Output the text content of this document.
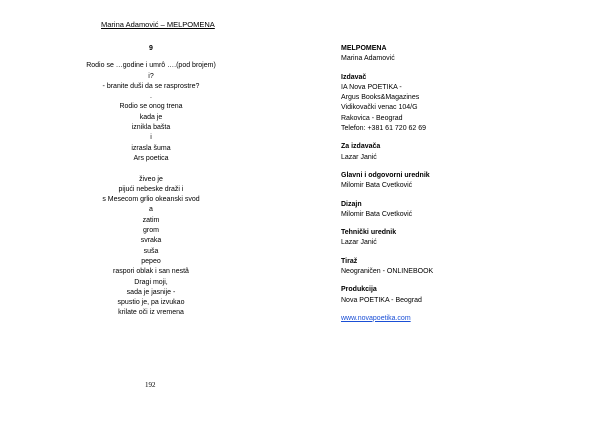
Marina Adamović – MELPOMENA
9
Rodio se …godine i umrô ….(pod brojem)
i?
- branite duši da se rasprostre?
.
Rodio se onog trena
kada je
iznikla bašta
i
izrasla šuma
Ars poetica

živeo je
pijući nebeske draži i
s Mesecom grlio okeanski svod
a
zatim
grom
svraka
suša
pepeo
raspori oblak i san nestâ
Dragi moji,
sada je jasnije -
spustio je, pa izvukao
krilate oči iz vremena
192
MELPOMENA
Marina Adamović
Izdavač
IA Nova POETIKA -
Argus Books&Magazines
Vidikovački venac 104/G
Rakovica - Beograd
Telefon: +381 61 720 62 69
Za izdavača
Lazar Janić
Glavni i odgovorni urednik
Milomir Bata Cvetković
Dizajn
Milomir Bata Cvetković
Tehnički urednik
Lazar Janić
Tiraž
Neograničen - ONLINEBOOK
Produkcija
Nova POETIKA - Beograd
www.novapoetika.com
